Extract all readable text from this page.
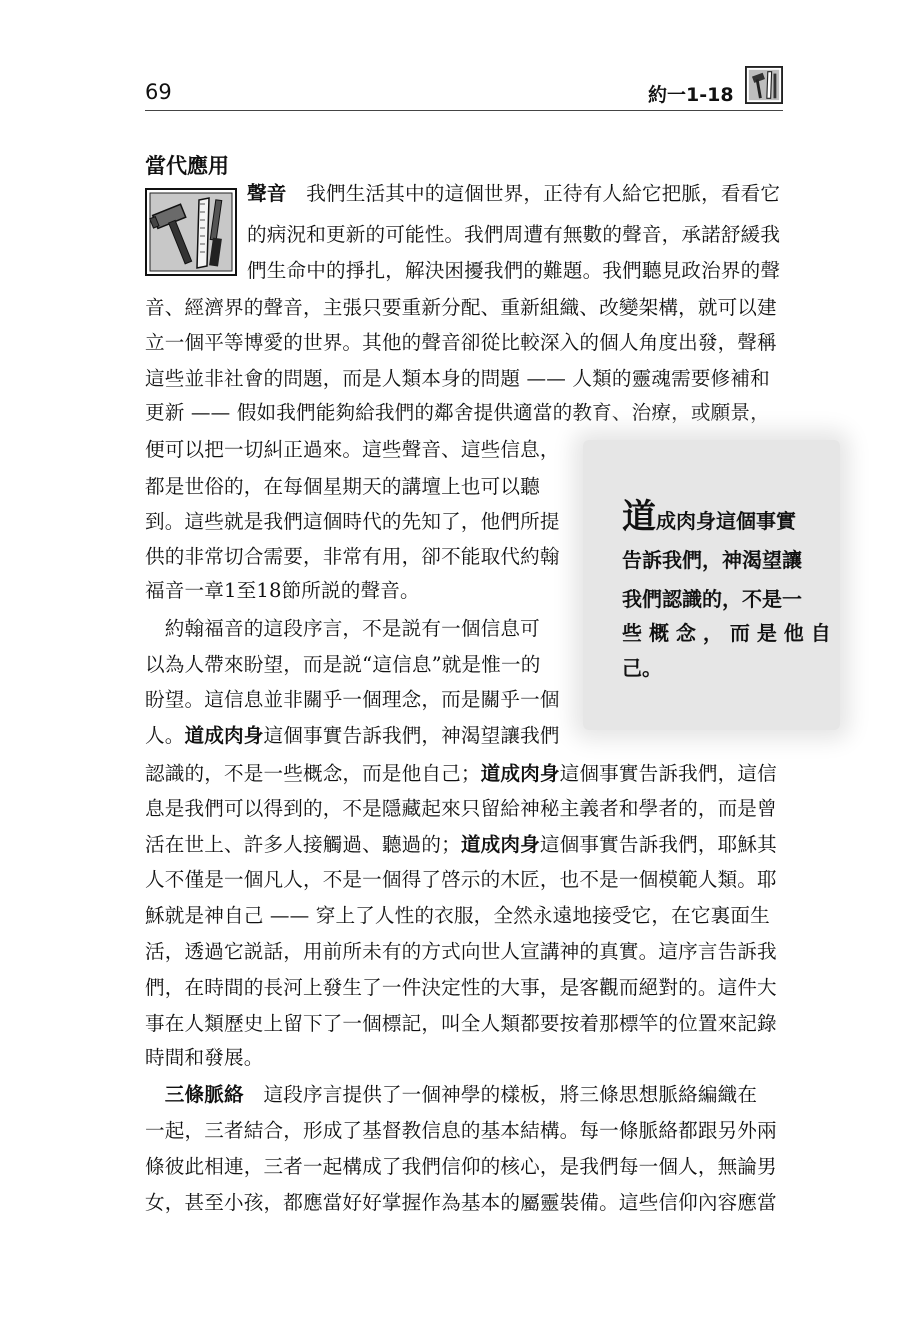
69	約一1-18
當代應用
聲音　我們生活其中的這個世界，正待有人給它把脈，看看它
的病況和更新的可能性。我們周遭有無數的聲音，承諾舒緩我
們生命中的掙扎，解決困擾我們的難題。我們聽見政治界的聲
音、經濟界的聲音，主張只要重新分配、重新組織、改變架構，就可以建
立一個平等博愛的世界。其他的聲音卻從比較深入的個人角度出發，聲稱
這些並非社會的問題，而是人類本身的問題 —— 人類的靈魂需要修補和
更新 —— 假如我們能夠給我們的鄰舍提供適當的教育、治療，或願景，
便可以把一切糾正過來。這些聲音、這些信息，
都是世俗的，在每個星期天的講壇上也可以聽
到。這些就是我們這個時代的先知了，他們所提
供的非常切合需要，非常有用，卻不能取代約翰
福音一章1至18節所説的聲音。
　約翰福音的這段序言，不是説有一個信息可
以為人帶來盼望，而是説“這信息”就是惟一的
盼望。這信息並非關乎一個理念，而是關乎一個
人。道成肉身這個事實告訴我們，神渴望讓我們
認識的，不是一些概念，而是他自己；道成肉身這個事實告訴我們，這信
息是我們可以得到的，不是隱藏起來只留給神秘主義者和學者的，而是曾
活在世上、許多人接觸過、聽過的；道成肉身這個事實告訴我們，耶穌其
人不僅是一個凡人，不是一個得了啓示的木匠，也不是一個模範人類。耶
穌就是神自己 —— 穿上了人性的衣服，全然永遠地接受它，在它裏面生
活，透過它説話，用前所未有的方式向世人宣講神的真實。這序言告訴我
們，在時間的長河上發生了一件決定性的大事，是客觀而絕對的。這件大
事在人類歷史上留下了一個標記，叫全人類都要按着那標竿的位置來記錄
時間和發展。
　三條脈絡　這段序言提供了一個神學的樣板，將三條思想脈絡編織在
一起，三者結合，形成了基督教信息的基本結構。每一條脈絡都跟另外兩
條彼此相連，三者一起構成了我們信仰的核心，是我們每一個人，無論男
女，甚至小孩，都應當好好掌握作為基本的屬靈裝備。這些信仰內容應當
道成肉身這個事實
告訴我們，神渴望讓
我們認識的，不是一
些 概 念 ， 而 是 他 自
己。
